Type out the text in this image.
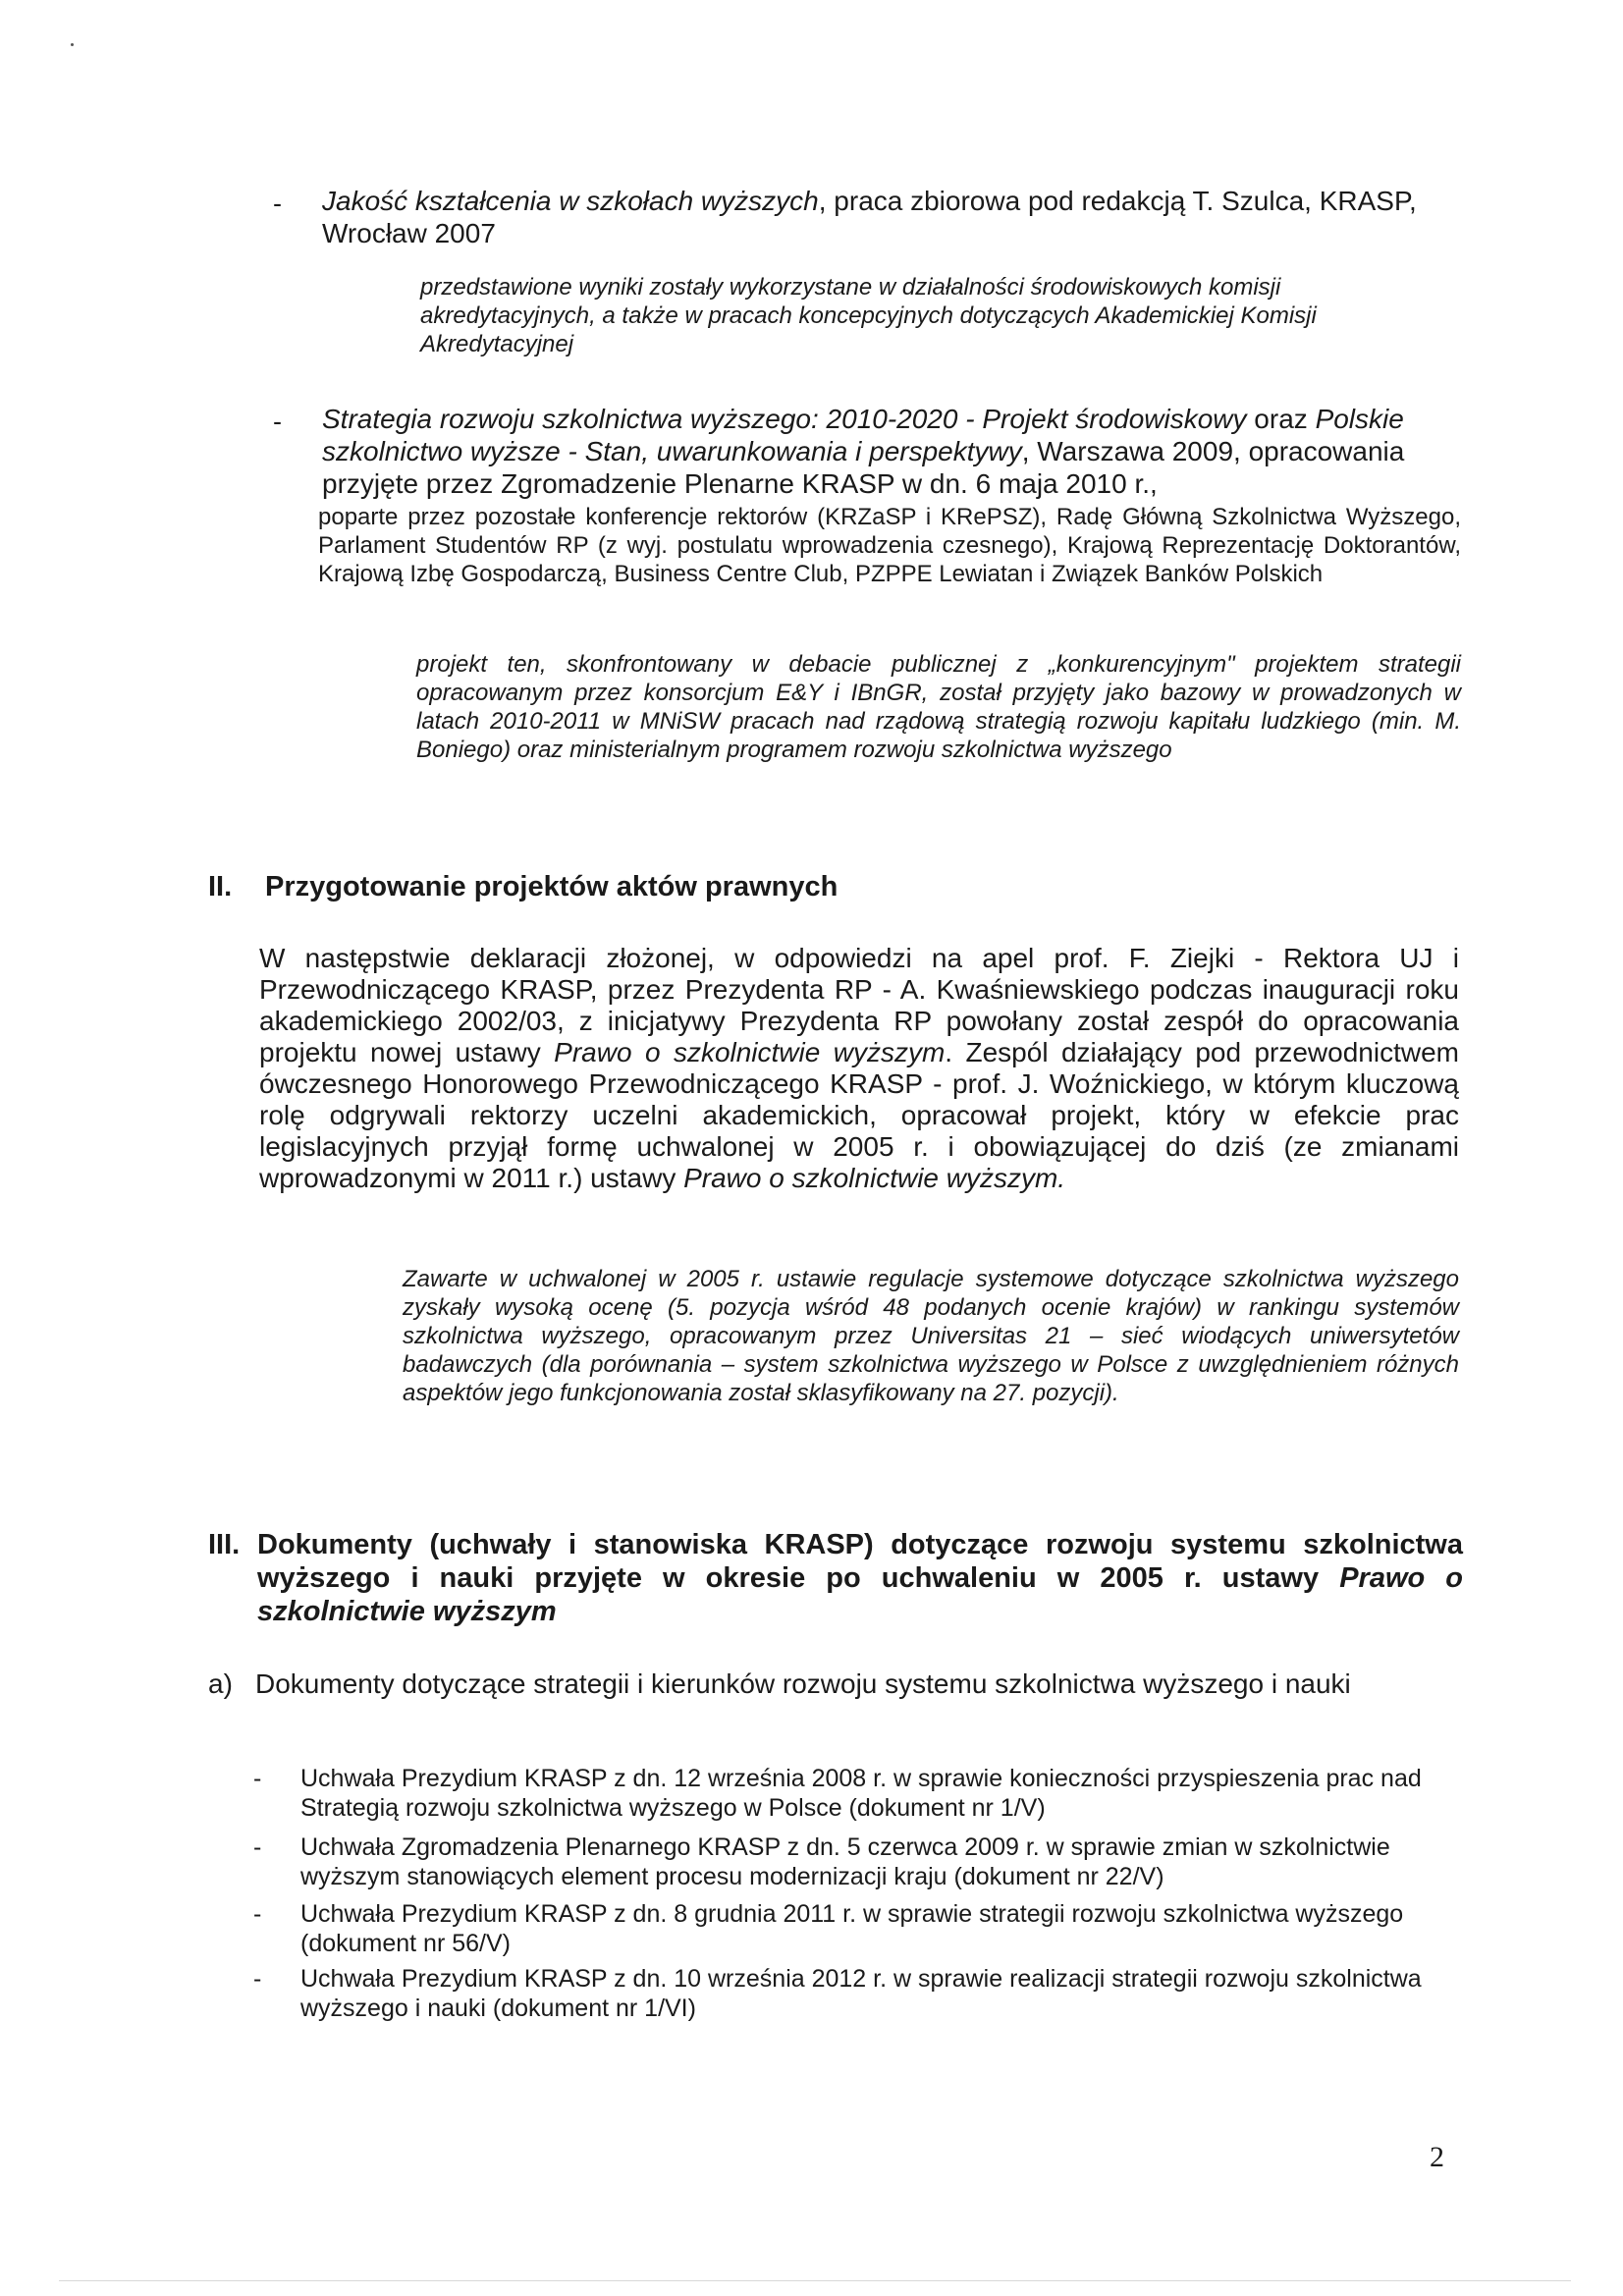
- Jakość kształcenia w szkołach wyższych, praca zbiorowa pod redakcją T. Szulca, KRASP, Wrocław 2007
przedstawione wyniki zostały wykorzystane w działalności środowiskowych komisji akredytacyjnych, a także w pracach koncepcyjnych dotyczących Akademickiej Komisji Akredytacyjnej
- Strategia rozwoju szkolnictwa wyższego: 2010-2020 - Projekt środowiskowy oraz Polskie szkolnictwo wyższe - Stan, uwarunkowania i perspektywy, Warszawa 2009, opracowania przyjęte przez Zgromadzenie Plenarne KRASP w dn. 6 maja 2010 r.,
poparte przez pozostałe konferencje rektorów (KRZaSP i KRePSZ), Radę Główną Szkolnictwa Wyższego, Parlament Studentów RP (z wyj. postulatu wprowadzenia czesnego), Krajową Reprezentację Doktorantów, Krajową Izbę Gospodarczą, Business Centre Club, PZPPE Lewiatan i Związek Banków Polskich
projekt ten, skonfrontowany w debacie publicznej z „konkurencyjnym" projektem strategii opracowanym przez konsorcjum E&Y i IBnGR, został przyjęty jako bazowy w prowadzonych w latach 2010-2011 w MNiSW pracach nad rządową strategią rozwoju kapitału ludzkiego (min. M. Boniego) oraz ministerialnym programem rozwoju szkolnictwa wyższego
II. Przygotowanie projektów aktów prawnych
W następstwie deklaracji złożonej, w odpowiedzi na apel prof. F. Ziejki - Rektora UJ i Przewodniczącego KRASP, przez Prezydenta RP - A. Kwaśniewskiego podczas inauguracji roku akademickiego 2002/03, z inicjatywy Prezydenta RP powołany został zespół do opracowania projektu nowej ustawy Prawo o szkolnictwie wyższym. Zespól działający pod przewodnictwem ówczesnego Honorowego Przewodniczącego KRASP - prof. J. Woźnickiego, w którym kluczową rolę odgrywali rektorzy uczelni akademickich, opracował projekt, który w efekcie prac legislacyjnych przyjął formę uchwalonej w 2005 r. i obowiązującej do dziś (ze zmianami wprowadzonymi w 2011 r.) ustawy Prawo o szkolnictwie wyższym.
Zawarte w uchwalonej w 2005 r. ustawie regulacje systemowe dotyczące szkolnictwa wyższego zyskały wysoką ocenę (5. pozycja wśród 48 podanych ocenie krajów) w rankingu systemów szkolnictwa wyższego, opracowanym przez Universitas 21 – sieć wiodących uniwersytetów badawczych (dla porównania – system szkolnictwa wyższego w Polsce z uwzględnieniem różnych aspektów jego funkcjonowania został sklasyfikowany na 27. pozycji).
III. Dokumenty (uchwały i stanowiska KRASP) dotyczące rozwoju systemu szkolnictwa wyższego i nauki przyjęte w okresie po uchwaleniu w 2005 r. ustawy Prawo o szkolnictwie wyższym
a) Dokumenty dotyczące strategii i kierunków rozwoju systemu szkolnictwa wyższego i nauki
- Uchwała Prezydium KRASP z dn. 12 września 2008 r. w sprawie konieczności przyspieszenia prac nad Strategią rozwoju szkolnictwa wyższego w Polsce (dokument nr 1/V)
- Uchwała Zgromadzenia Plenarnego KRASP z dn. 5 czerwca 2009 r. w sprawie zmian w szkolnictwie wyższym stanowiących element procesu modernizacji kraju (dokument nr 22/V)
- Uchwała Prezydium KRASP z dn. 8 grudnia 2011 r. w sprawie strategii rozwoju szkolnictwa wyższego (dokument nr 56/V)
- Uchwała Prezydium KRASP z dn. 10 września 2012 r. w sprawie realizacji strategii rozwoju szkolnictwa wyższego i nauki (dokument nr 1/VI)
2
